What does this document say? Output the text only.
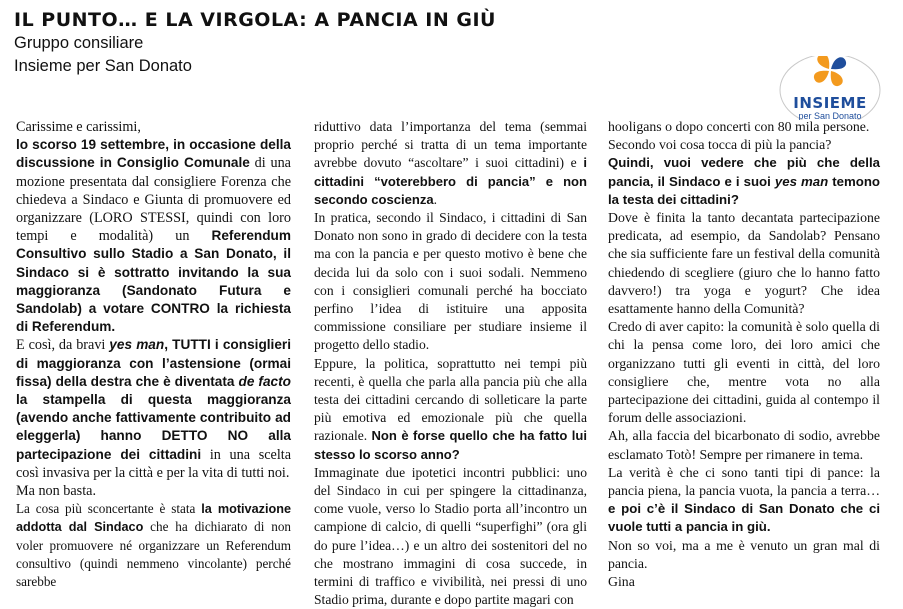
IL PUNTO… E LA VIRGOLA: A PANCIA IN GIÙ

Gruppo consiliare

Insieme per San Donato

INSIEME
per San Donato

Carissime e carissimi,

lo scorso 19 settembre, in occasione della discussione in Consiglio Comunale di una mozione presentata dal consigliere Forenza che chiedeva a Sindaco e Giunta di promuovere ed organizzare (LORO STESSI, quindi con loro tempi e modalità) un Referendum Consultivo sullo Stadio a San Donato, il Sindaco si è sottratto invitando la sua maggioranza (Sandonato Futura e Sandolab) a votare CONTRO la richiesta di Referendum.

E così, da bravi yes man, TUTTI i consiglieri di maggioranza con l’astensione (ormai fissa) della destra che è diventata de facto la stampella di questa maggioranza (avendo anche fattivamente contribuito ad eleggerla) hanno DETTO NO alla partecipazione dei cittadini in una scelta così invasiva per la città e per la vita di tutti noi.

Ma non basta.

La cosa più sconcertante è stata la motivazione addotta dal Sindaco che ha dichiarato di non voler promuovere né organizzare un Referendum consultivo (quindi nemmeno vincolante) perché sarebbe

riduttivo data l’importanza del tema (semmai proprio perché si tratta di un tema importante avrebbe dovuto “ascoltare” i suoi cittadini) e i cittadini “voterebbero di pancia” e non secondo coscienza.

In pratica, secondo il Sindaco, i cittadini di San Donato non sono in grado di decidere con la testa ma con la pancia e per questo motivo è bene che decida lui da solo con i suoi sodali. Nemmeno con i consiglieri comunali perché ha bocciato perfino l’idea di istituire una apposita commissione consiliare per studiare insieme il progetto dello stadio.

Eppure, la politica, soprattutto nei tempi più recenti, è quella che parla alla pancia più che alla testa dei cittadini cercando di solleticare la parte più emotiva ed emozionale più che quella razionale. Non è forse quello che ha fatto lui stesso lo scorso anno?

Immaginate due ipotetici incontri pubblici: uno del Sindaco in cui per spingere la cittadinanza, come vuole, verso lo Stadio porta all’incontro un campione di calcio, di quelli “superfighi” (ora gli do pure l’idea…) e un altro dei sostenitori del no che mostrano immagini di cosa succede, in termini di traffico e vivibilità, nei pressi di uno Stadio prima, durante e dopo partite magari con

hooligans o dopo concerti con 80 mila persone.

Secondo voi cosa tocca di più la pancia?

Quindi, vuoi vedere che più che della pancia, il Sindaco e i suoi yes man temono la testa dei cittadini?

Dove è finita la tanto decantata partecipazione predicata, ad esempio, da Sandolab? Pensano che sia sufficiente fare un festival della comunità chiedendo di scegliere (giuro che lo hanno fatto davvero!) tra yoga e yogurt? Che idea esattamente hanno della Comunità?

Credo di aver capito: la comunità è solo quella di chi la pensa come loro, dei loro amici che organizzano tutti gli eventi in città, del loro consigliere che, mentre vota no alla partecipazione dei cittadini, guida al contempo il forum delle associazioni.

Ah, alla faccia del bicarbonato di sodio, avrebbe esclamato Totò! Sempre per rimanere in tema.

La verità è che ci sono tanti tipi di pance: la pancia piena, la pancia vuota, la pancia a terra… e poi c’è il Sindaco di San Donato che ci vuole tutti a pancia in giù.

Non so voi, ma a me è venuto un gran mal di pancia.

Gina
